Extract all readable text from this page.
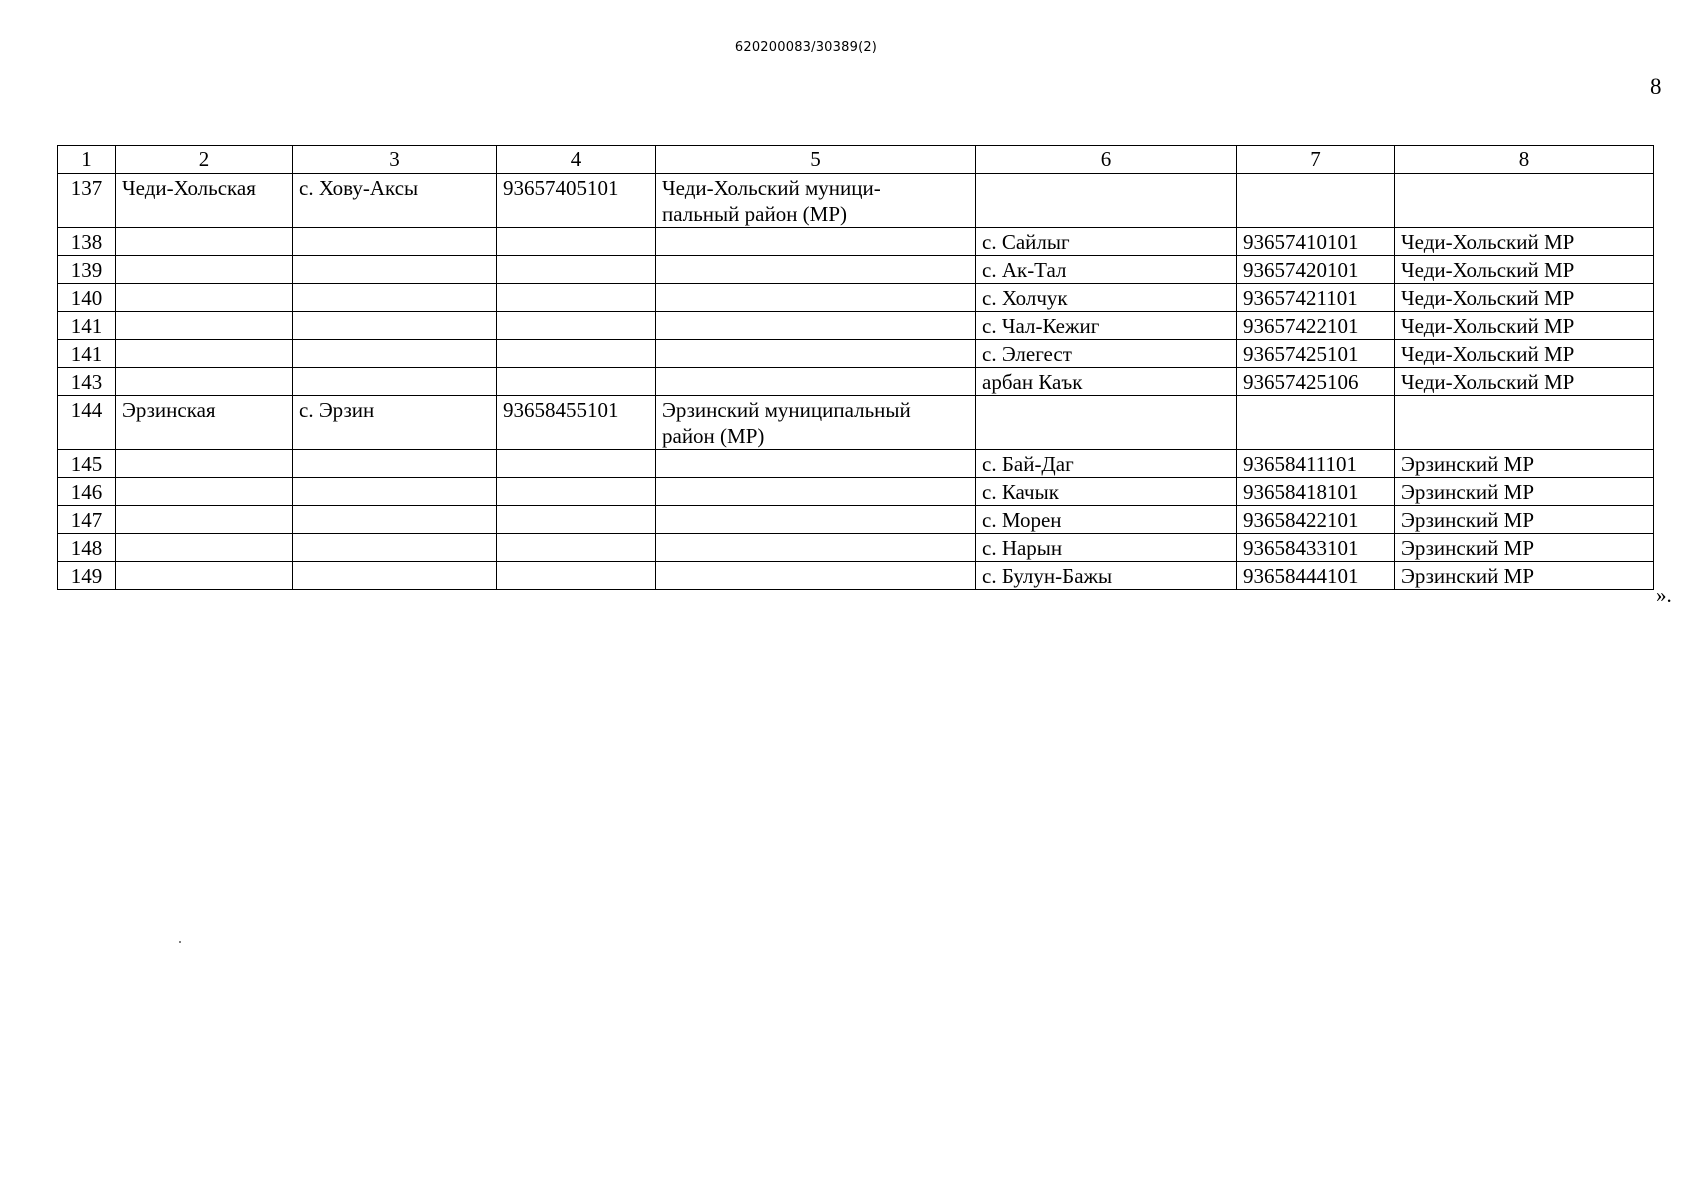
620200083/30389(2)
8
1	2	3	4	5	6	7	8
137	Чеди-Хольская	с. Хову-Аксы	93657405101	Чеди-Хольский муници-
пальный район (МР)			
138					с. Сайлыг	93657410101	Чеди-Хольский МР
139					с. Ак-Тал	93657420101	Чеди-Хольский МР
140					с. Холчук	93657421101	Чеди-Хольский МР
141					с. Чал-Кежиг	93657422101	Чеди-Хольский МР
141					с. Элегест	93657425101	Чеди-Хольский МР
143					арбан Каък	93657425106	Чеди-Хольский МР
144	Эрзинская	с. Эрзин	93658455101	Эрзинский муниципальный
район (МР)			
145					с. Бай-Даг	93658411101	Эрзинский МР
146					с. Качык	93658418101	Эрзинский МР
147					с. Морен	93658422101	Эрзинский МР
148					с. Нарын	93658433101	Эрзинский МР
149					с. Булун-Бажы	93658444101	Эрзинский МР
».
